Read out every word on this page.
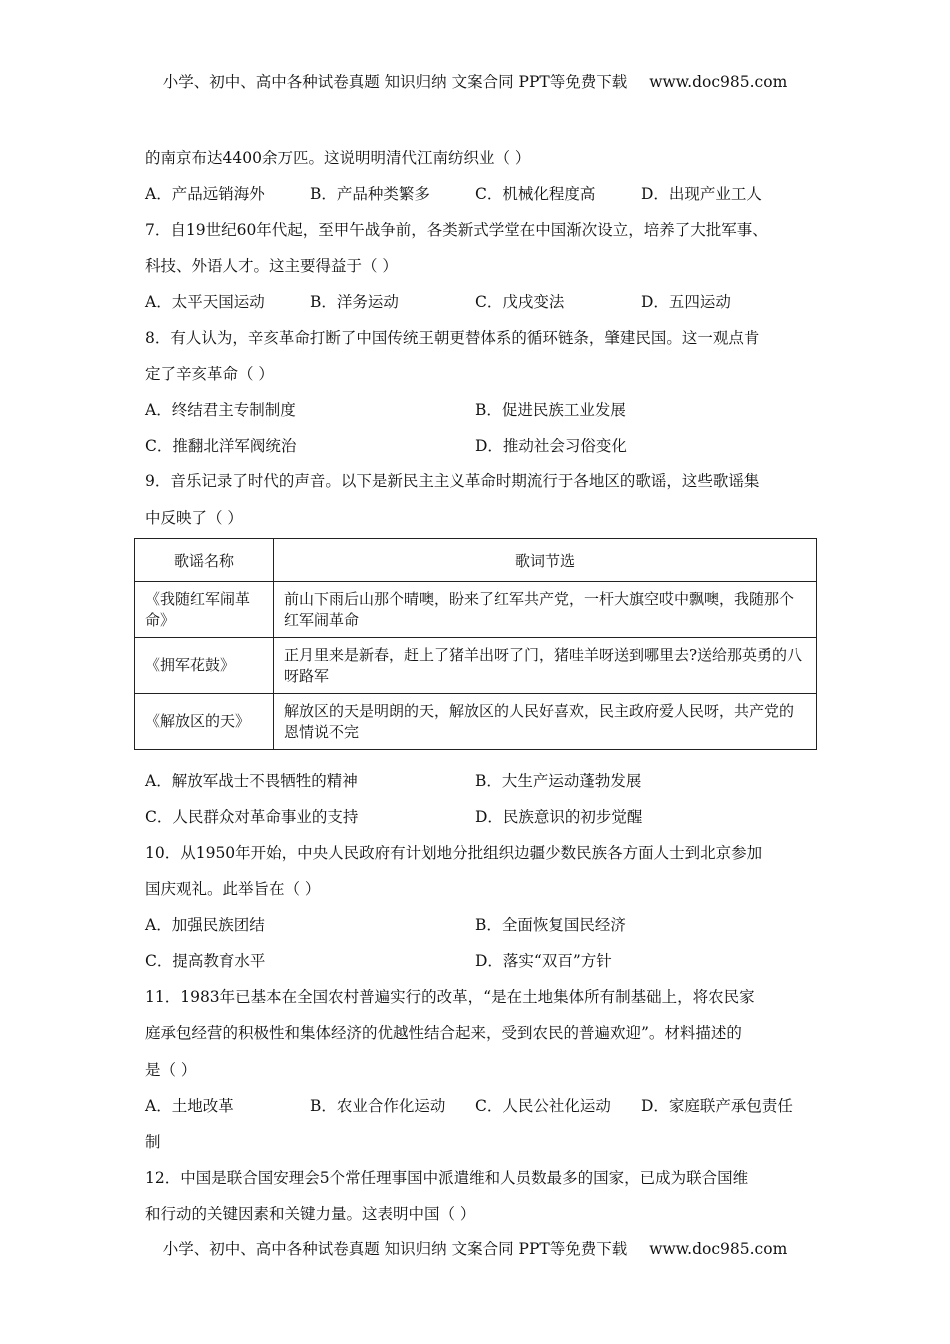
小学、初中、高中各种试卷真题 知识归纳 文案合同 PPT等免费下载 www.doc985.com
的南京布达4400余万匹。这说明明清代江南纺织业（ ）
A．产品远销海外	B．产品种类繁多	C．机械化程度高	D．出现产业工人
7．自19世纪60年代起，至甲午战争前，各类新式学堂在中国渐次设立，培养了大批军事、
科技、外语人才。这主要得益于（ ）
A．太平天国运动	B．洋务运动	C．戊戌变法	D．五四运动
8．有人认为，辛亥革命打断了中国传统王朝更替体系的循环链条，肇建民国。这一观点肯
定了辛亥革命（ ）
A．终结君主专制制度	B．促进民族工业发展
C．推翻北洋军阀统治	D．推动社会习俗变化
9．音乐记录了时代的声音。以下是新民主主义革命时期流行于各地区的歌谣，这些歌谣集
中反映了（ ）
歌谣名称	歌词节选
《我随红军闹革命》	前山下雨后山那个晴噢，盼来了红军共产党，一杆大旗空哎中飘噢，我随那个红军闹革命
《拥军花鼓》	正月里来是新春，赶上了猪羊出呀了门，猪哇羊呀送到哪里去?送给那英勇的八呀路军
《解放区的天》	解放区的天是明朗的天，解放区的人民好喜欢，民主政府爱人民呀，共产党的恩情说不完
A．解放军战士不畏牺牲的精神	B．大生产运动蓬勃发展
C．人民群众对革命事业的支持	D．民族意识的初步觉醒
10．从1950年开始，中央人民政府有计划地分批组织边疆少数民族各方面人士到北京参加
国庆观礼。此举旨在（ ）
A．加强民族团结	B．全面恢复国民经济
C．提高教育水平	D．落实“双百”方针
11．1983年已基本在全国农村普遍实行的改革，“是在土地集体所有制基础上，将农民家
庭承包经营的积极性和集体经济的优越性结合起来，受到农民的普遍欢迎”。材料描述的
是（ ）
A．土地改革	B．农业合作化运动 C．人民公社化运动 D．家庭联产承包责任
制
12．中国是联合国安理会5个常任理事国中派遣维和人员数最多的国家，已成为联合国维
和行动的关键因素和关键力量。这表明中国（ ）
小学、初中、高中各种试卷真题 知识归纳 文案合同 PPT等免费下载 www.doc985.com
